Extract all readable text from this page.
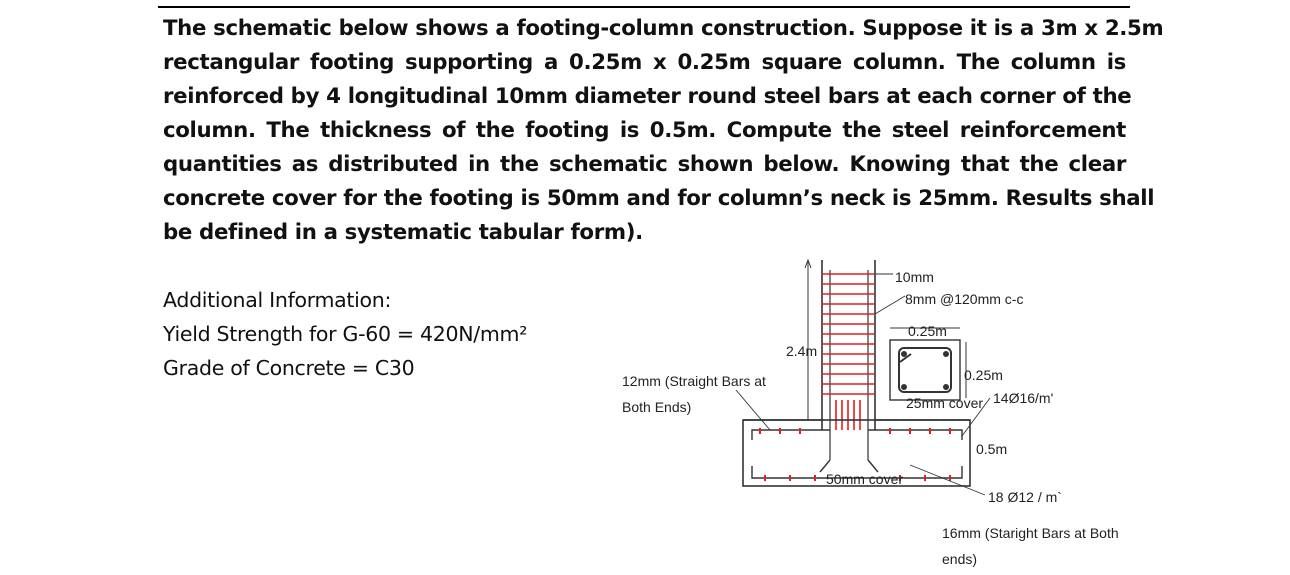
The schematic below shows a footing-column construction. Suppose it is a 3m x 2.5m
rectangular footing supporting a 0.25m x 0.25m square column. The column is
reinforced by 4 longitudinal 10mm diameter round steel bars at each corner of the
column. The thickness of the footing is 0.5m. Compute the steel reinforcement
quantities as distributed in the schematic shown below. Knowing that the clear
concrete cover for the footing is 50mm and for column’s neck is 25mm. Results shall
be defined in a systematic tabular form).
Additional Information:
Yield Strength for G-60 = 420N/mm²
Grade of Concrete = C30
2.4m
10mm
8mm @120mm c-c
0.25m
0.25m
25mm cover 14Ø16/m'
12mm (Straight Bars at
Both Ends)
0.5m
50mm cover
18 Ø12 / m`
16mm (Staright Bars at Both
ends)
